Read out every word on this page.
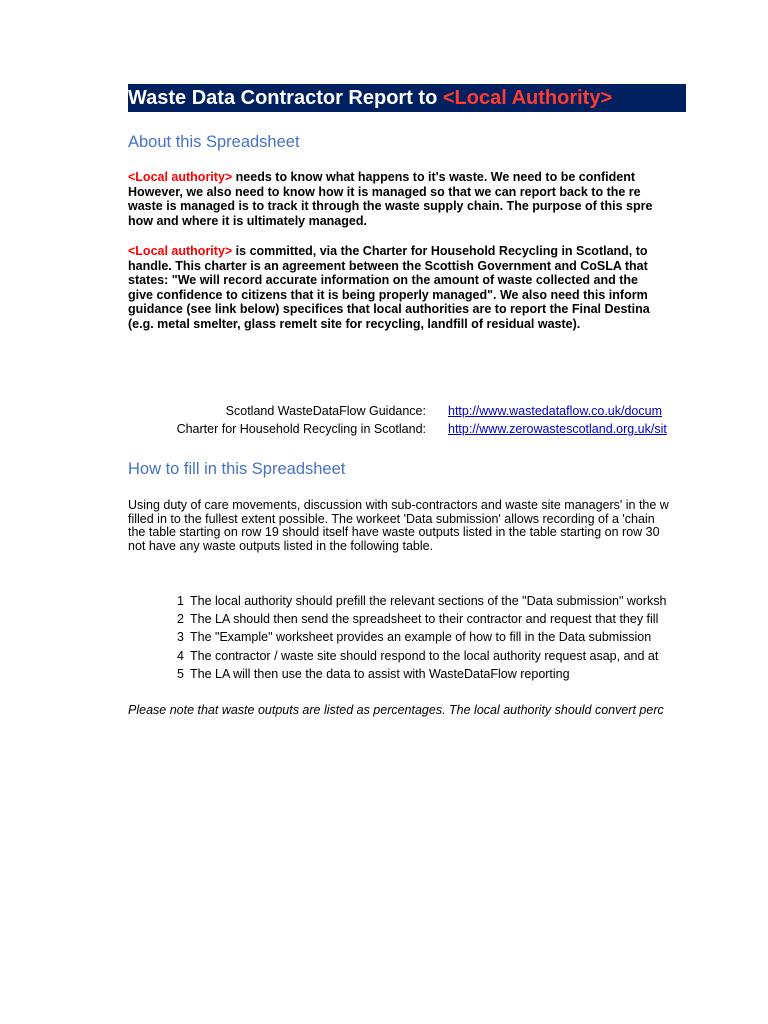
Waste Data Contractor Report to <Local Authority>
About this Spreadsheet
<Local authority> needs to know what happens to it's waste. We need to be confident
However, we also need to know how it is managed so that we can report back to the re
waste is managed is to track it through the waste supply chain. The purpose of this spre
how and where it is ultimately managed.
<Local authority> is committed, via the Charter for Household Recycling in Scotland, to
handle. This charter is an agreement between the Scottish Government and CoSLA that
states: "We will record accurate information on the amount of waste collected and the
give confidence to citizens that it is being properly managed". We also need this inform
guidance (see link below) specifices that local authorities are to report the Final Destina
(e.g. metal smelter, glass remelt site for recycling, landfill of residual waste).
Scotland WasteDataFlow Guidance: http://www.wastedataflow.co.uk/docum
Charter for Household Recycling in Scotland: http://www.zerowastescotland.org.uk/sit
How to fill in this Spreadsheet
Using duty of care movements, discussion with sub-contractors and waste site managers' in the w
filled in to the fullest extent possible. The workeet 'Data submission' allows recording of a 'chain
the table starting on row 19 should itself have waste outputs listed in the table starting on row 30
not have any waste outputs listed in the following table.
1 The local authority should prefill the relevant sections of the "Data submission" worksh
2 The LA should then send the spreadsheet to their contractor and request that they fill
3 The "Example" worksheet provides an example of how to fill in the Data submission
4 The contractor / waste site should respond to the local authority request asap, and at
5 The LA will then use the data to assist with WasteDataFlow reporting
Please note that waste outputs are listed as percentages. The local authority should convert perc
